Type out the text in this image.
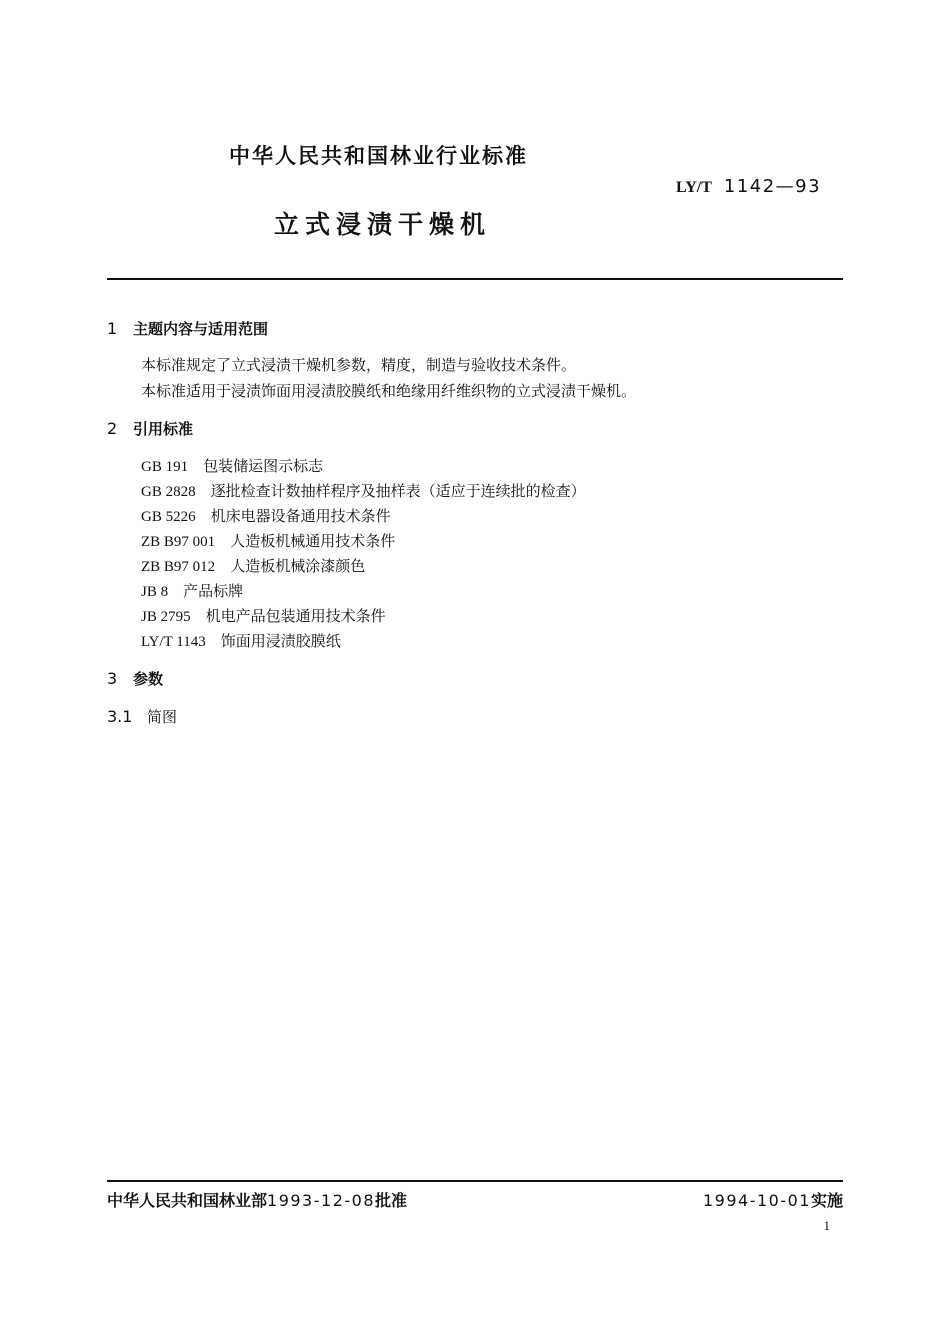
中华人民共和国林业行业标准
LY/T 1142—93
立式浸渍干燥机
1 主题内容与适用范围
本标准规定了立式浸渍干燥机参数，精度，制造与验收技术条件。
本标准适用于浸渍饰面用浸渍胶膜纸和绝缘用纤维织物的立式浸渍干燥机。
2 引用标准
GB 191 包装储运图示标志
GB 2828 逐批检查计数抽样程序及抽样表（适应于连续批的检查）
GB 5226 机床电器设备通用技术条件
ZB B97 001 人造板机械通用技术条件
ZB B97 012 人造板机械涂漆颜色
JB 8 产品标牌
JB 2795 机电产品包装通用技术条件
LY/T 1143 饰面用浸渍胶膜纸
3 参数
3.1 简图
中华人民共和国林业部1993-12-08批准	1994-10-01实施
1
